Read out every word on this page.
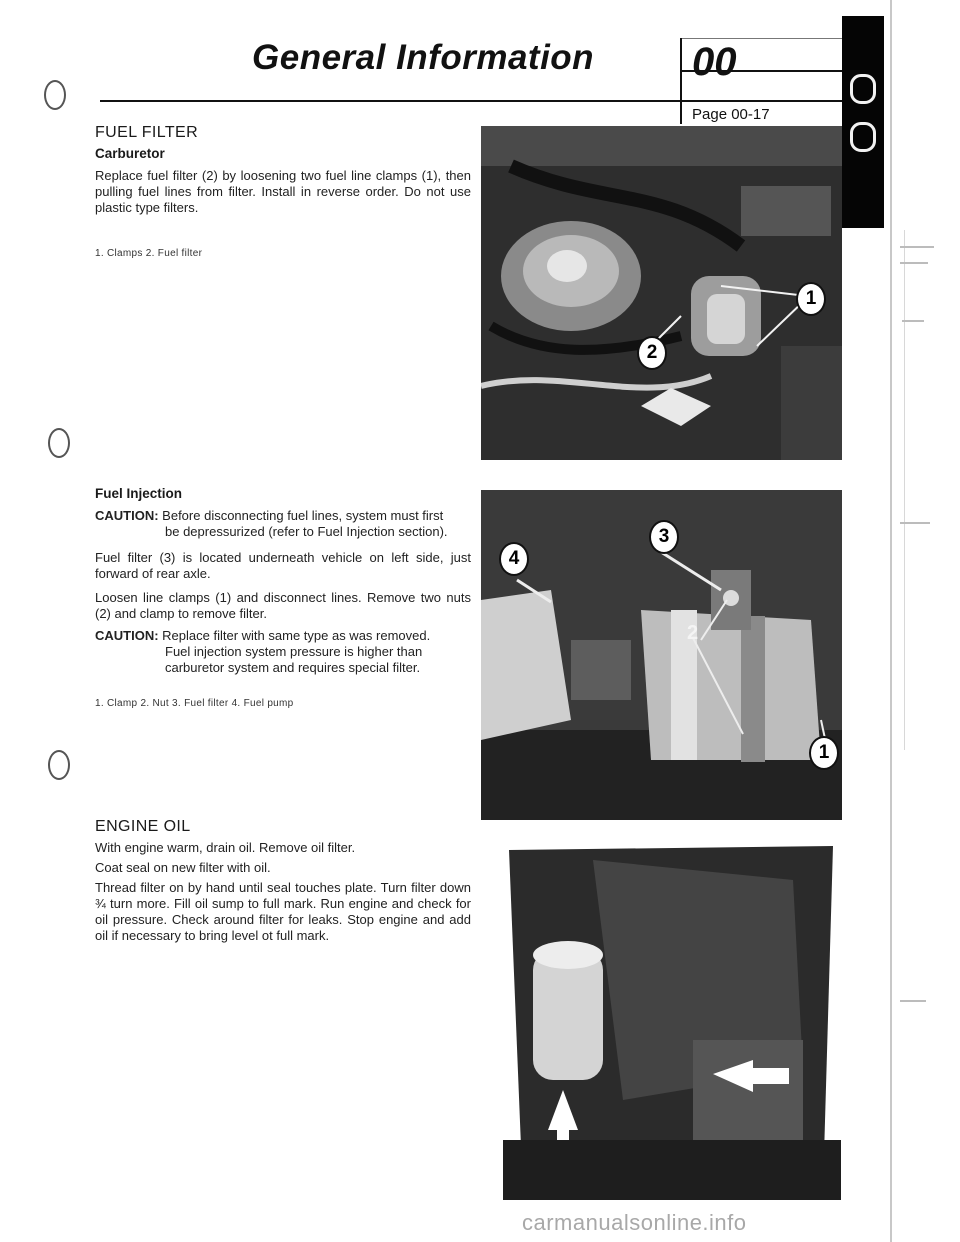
General Information 00
Page 00-17
FUEL FILTER
Carburetor
Replace fuel filter (2) by loosening two fuel line clamps (1), then pulling fuel lines from filter. Install in reverse order. Do not use plastic type filters.
1. Clamps 2. Fuel filter
Fuel Injection
CAUTION: Before disconnecting fuel lines, system must first
be depressurized (refer to Fuel Injection section).
Fuel filter (3) is located underneath vehicle on left side, just forward of rear axle.
Loosen line clamps (1) and disconnect lines. Remove two nuts (2) and clamp to remove filter.
CAUTION: Replace filter with same type as was removed.
Fuel injection system pressure is higher than carburetor system and requires special filter.
1. Clamp 2. Nut 3. Fuel filter 4. Fuel pump
ENGINE OIL
With engine warm, drain oil. Remove oil filter.
Coat seal on new filter with oil.
Thread filter on by hand until seal touches plate. Turn filter down ¾ turn more. Fill oil sump to full mark. Run engine and check for oil pressure. Check around filter for leaks. Stop engine and add oil if necessary to bring level ot full mark.
1
2
4
3
2
1
carmanualsonline.info
